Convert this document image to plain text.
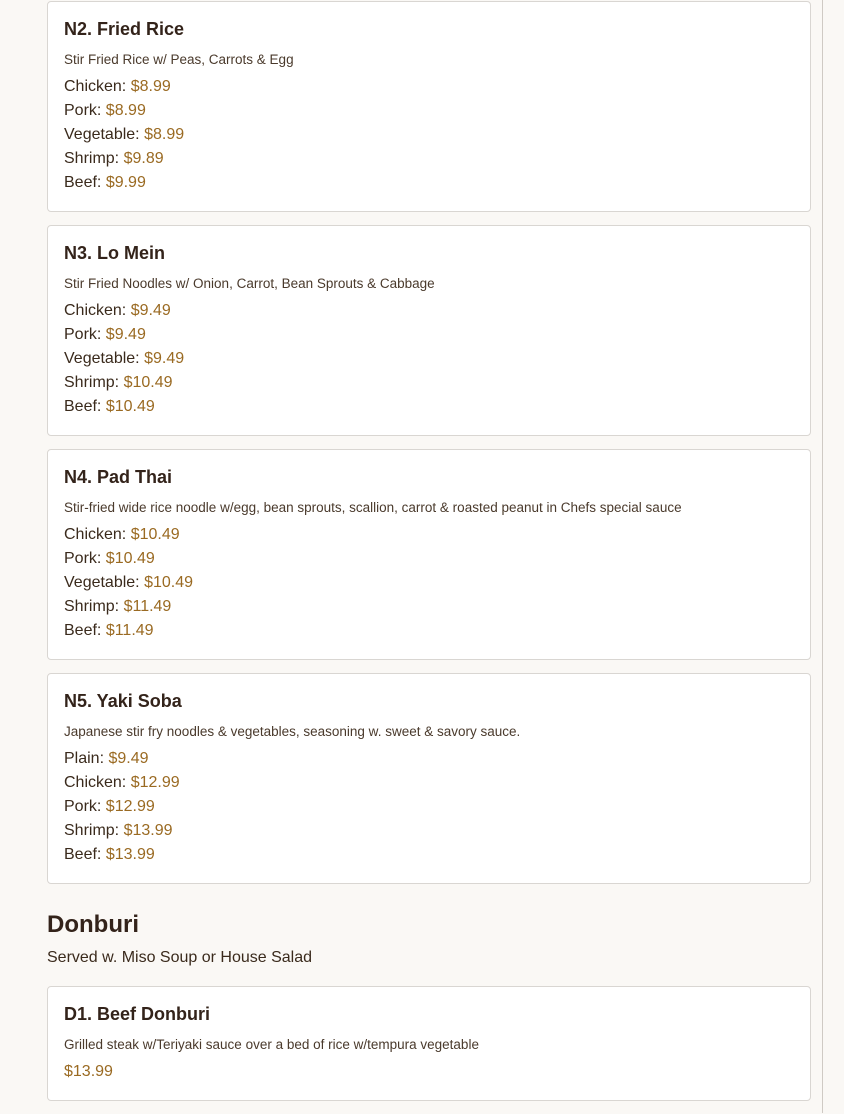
N2. Fried Rice
Stir Fried Rice w/ Peas, Carrots & Egg
Chicken: $8.99
Pork: $8.99
Vegetable: $8.99
Shrimp: $9.89
Beef: $9.99
N3. Lo Mein
Stir Fried Noodles w/ Onion, Carrot, Bean Sprouts & Cabbage
Chicken: $9.49
Pork: $9.49
Vegetable: $9.49
Shrimp: $10.49
Beef: $10.49
N4. Pad Thai
Stir-fried wide rice noodle w/egg, bean sprouts, scallion, carrot & roasted peanut in Chefs special sauce
Chicken: $10.49
Pork: $10.49
Vegetable: $10.49
Shrimp: $11.49
Beef: $11.49
N5. Yaki Soba
Japanese stir fry noodles & vegetables, seasoning w. sweet & savory sauce.
Plain: $9.49
Chicken: $12.99
Pork: $12.99
Shrimp: $13.99
Beef: $13.99
Donburi
Served w. Miso Soup or House Salad
D1. Beef Donburi
Grilled steak w/Teriyaki sauce over a bed of rice w/tempura vegetable
$13.99
